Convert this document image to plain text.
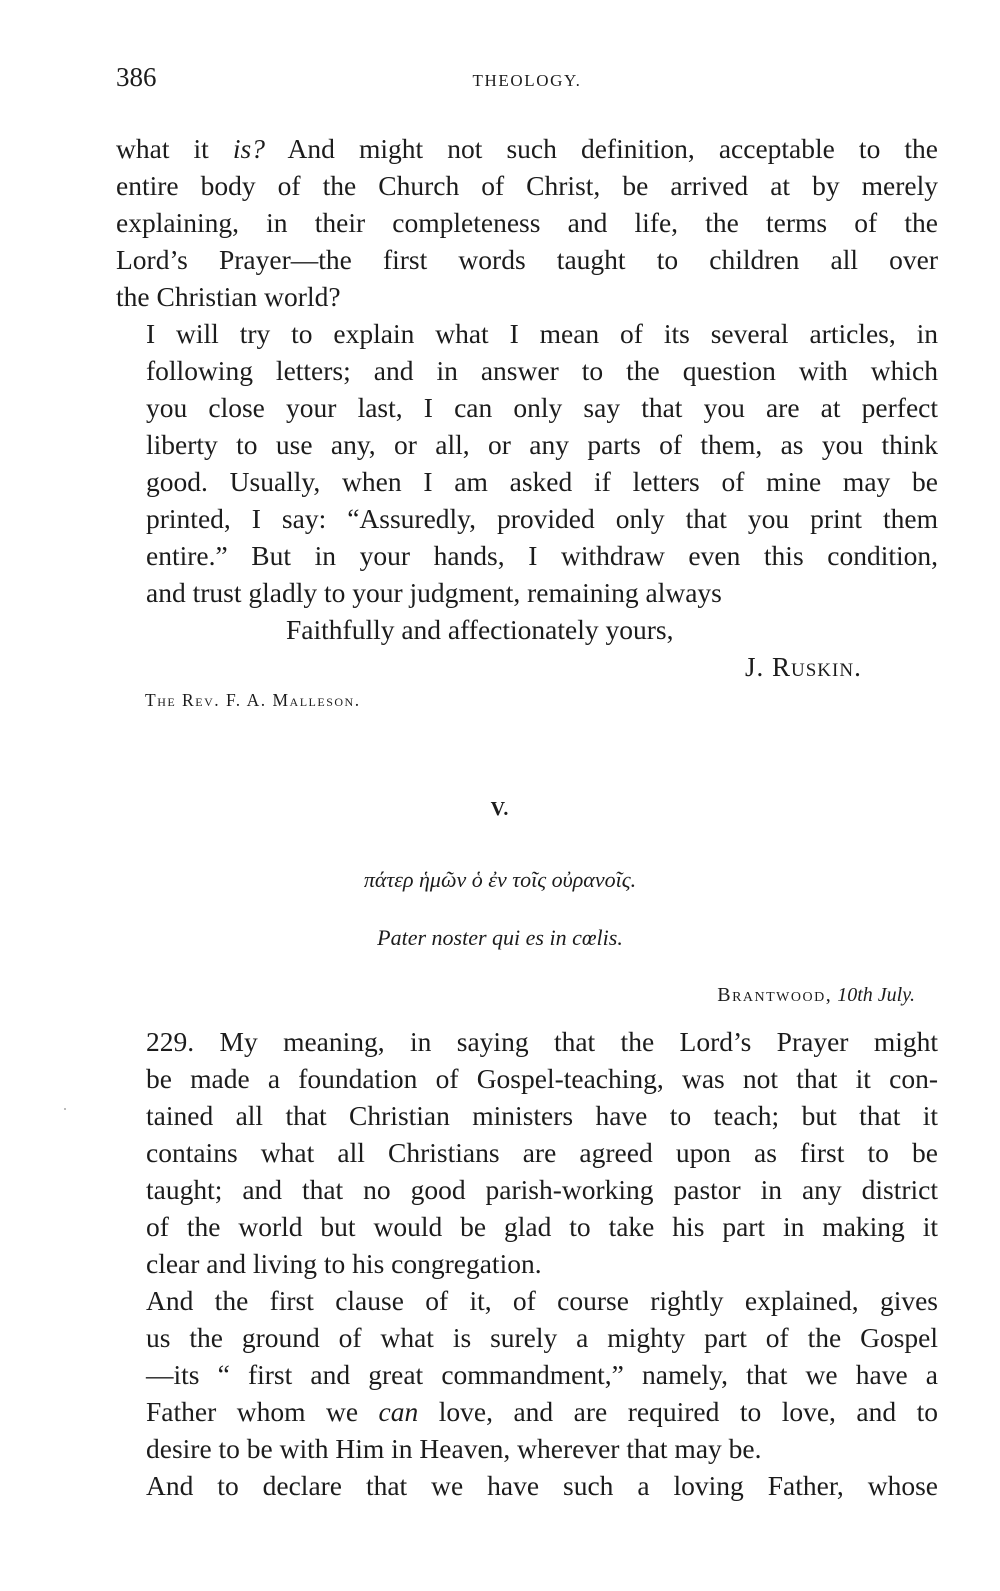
386	THEOLOGY.
what it is? And might not such definition, acceptable to the
entire body of the Church of Christ, be arrived at by merely
explaining, in their completeness and life, the terms of the
Lord’s Prayer—the first words taught to children all over
the Christian world?
I will try to explain what I mean of its several articles, in
following letters; and in answer to the question with which
you close your last, I can only say that you are at perfect
liberty to use any, or all, or any parts of them, as you think
good. Usually, when I am asked if letters of mine may be
printed, I say: “Assuredly, provided only that you print them
entire.” But in your hands, I withdraw even this condition,
and trust gladly to your judgment, remaining always
Faithfully and affectionately yours,
J. Ruskin.
The Rev. F. A. Malleson.
V.
πάτερ ἡμῶν ὁ ἐν τοῖς οὐρανοῖς.
Pater noster qui es in cœlis.
Brantwood, 10th July.
229. My meaning, in saying that the Lord’s Prayer might
be made a foundation of Gospel-teaching, was not that it con-
tained all that Christian ministers have to teach; but that it
contains what all Christians are agreed upon as first to be
taught; and that no good parish-working pastor in any district
of the world but would be glad to take his part in making it
clear and living to his congregation.
And the first clause of it, of course rightly explained, gives
us the ground of what is surely a mighty part of the Gospel
—its “ first and great commandment,” namely, that we have a
Father whom we can love, and are required to love, and to
desire to be with Him in Heaven, wherever that may be.
And to declare that we have such a loving Father, whose
